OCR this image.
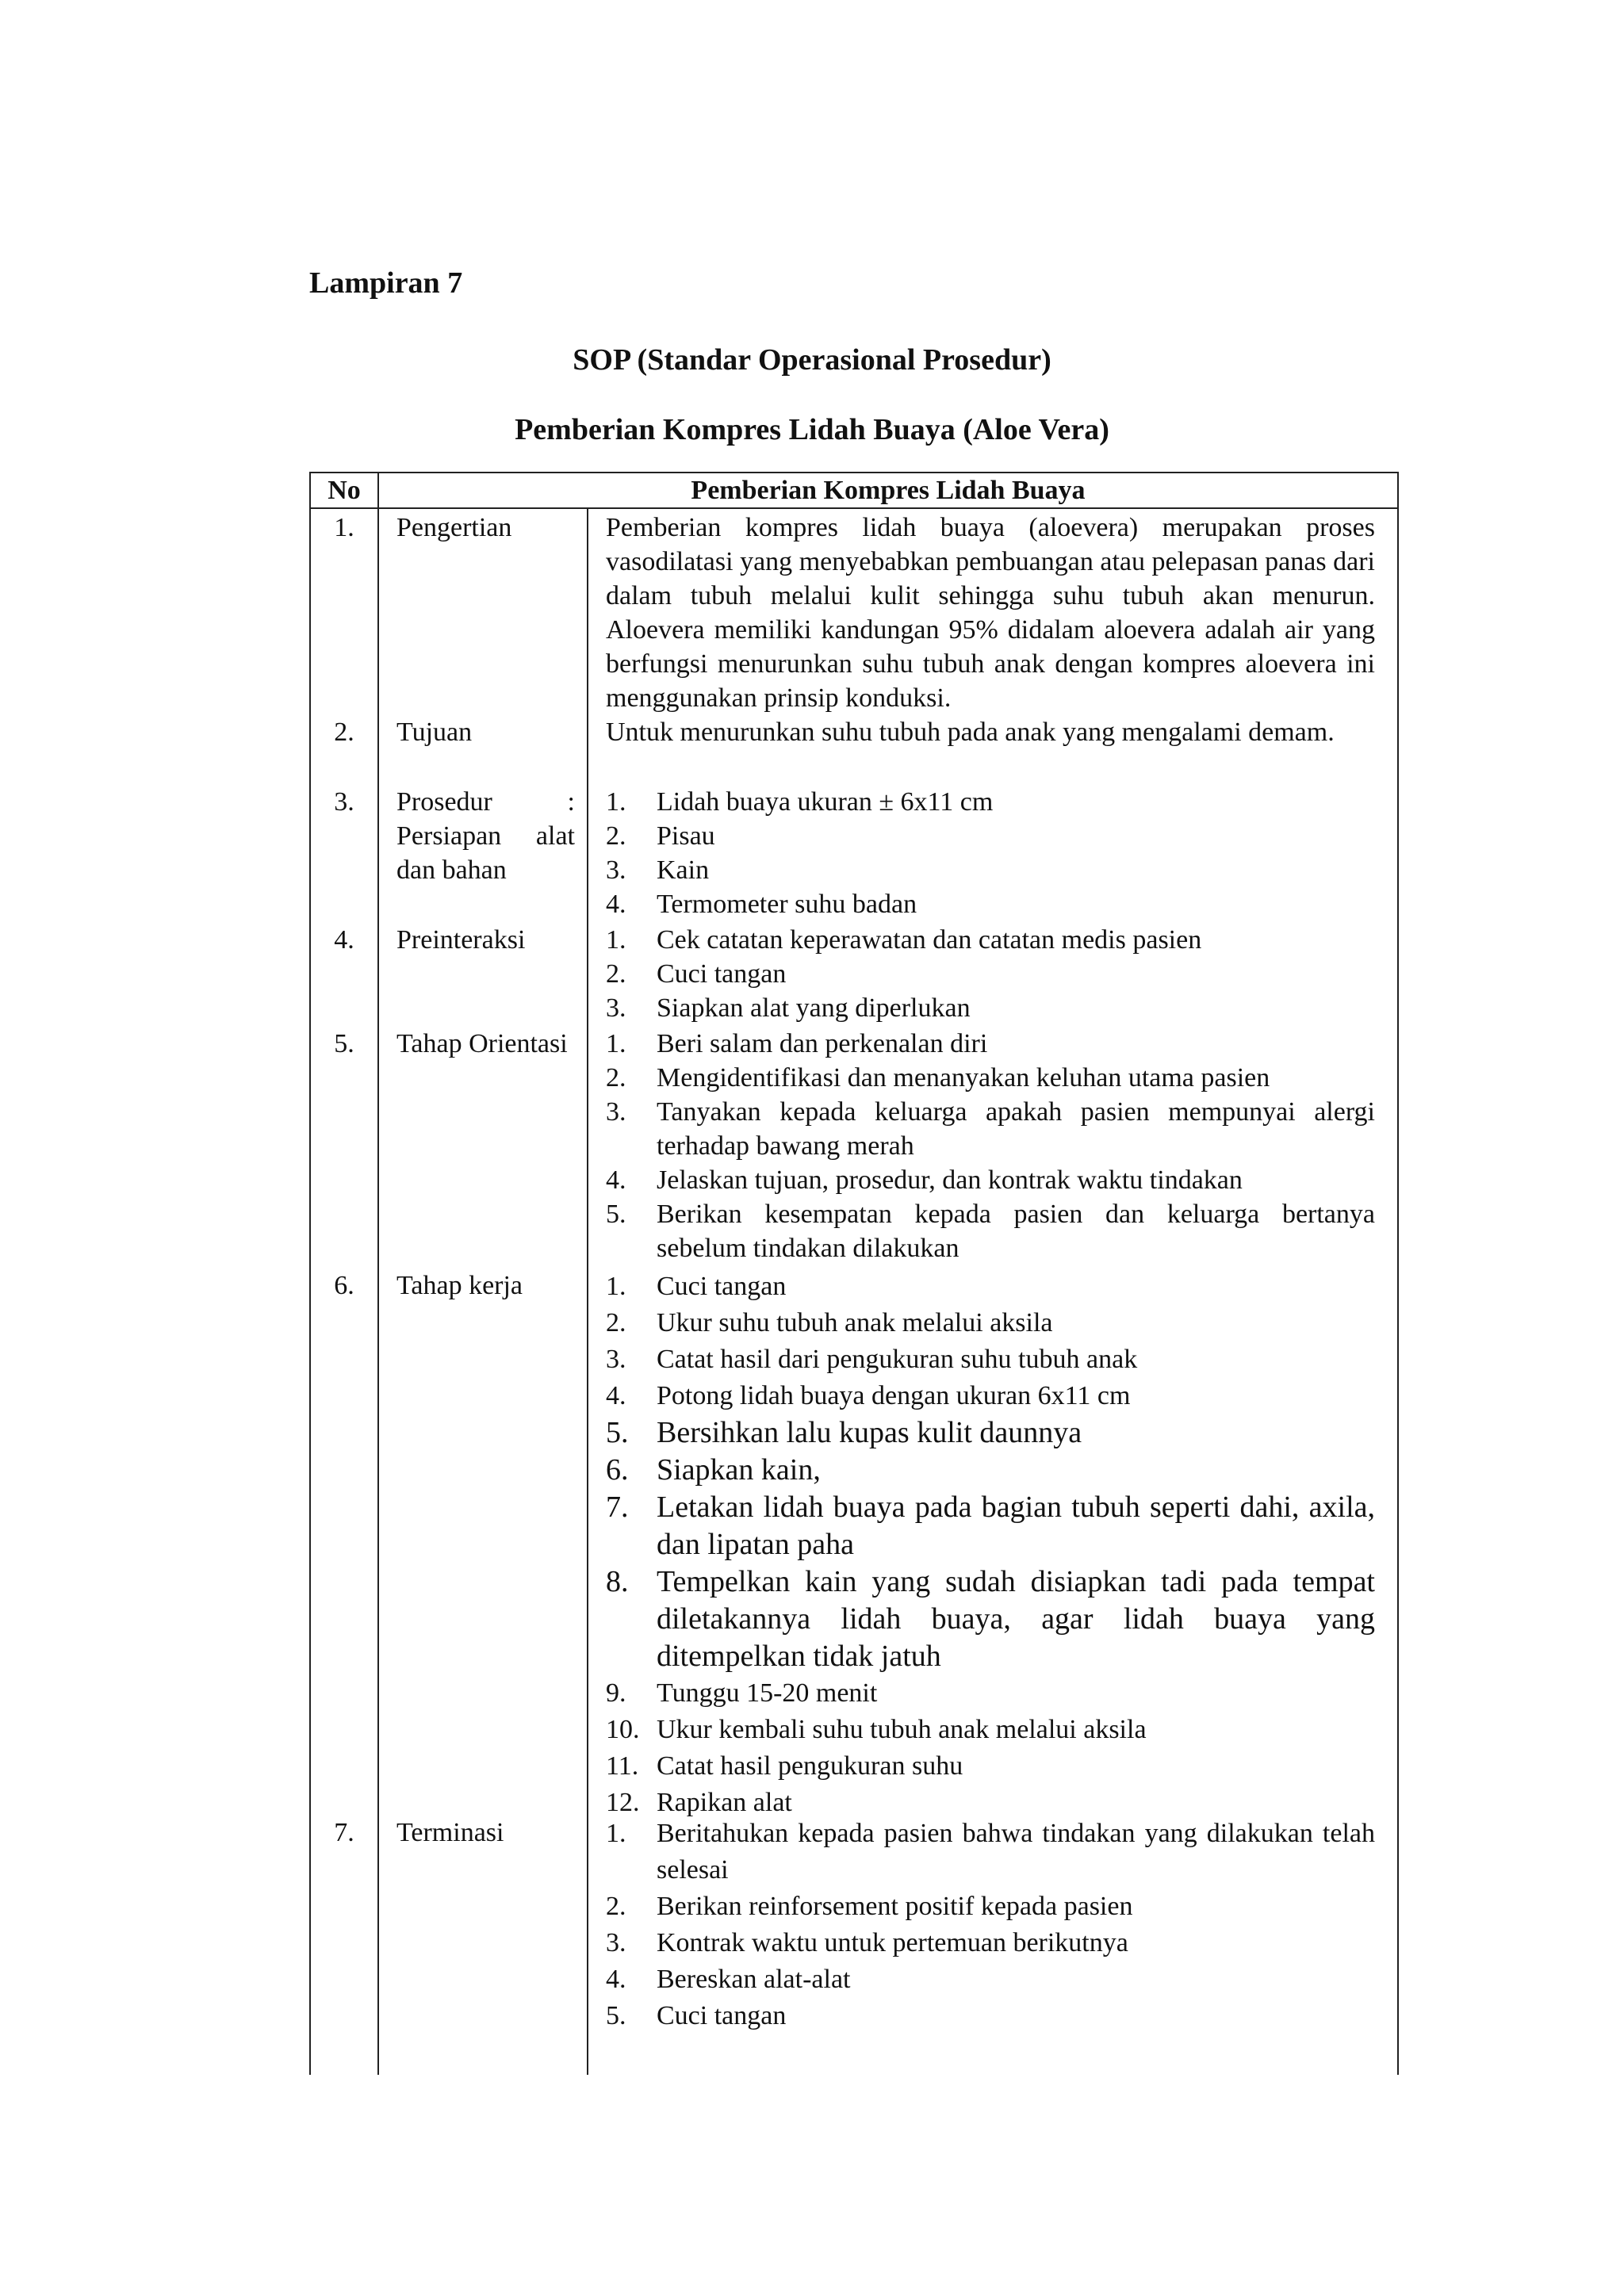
Lampiran 7
SOP (Standar Operasional Prosedur)
Pemberian Kompres Lidah Buaya (Aloe Vera)
No	Pemberian Kompres Lidah Buaya
1.	Pengertian	Pemberian kompres lidah buaya (aloevera) merupakan proses vasodilatasi yang menyebabkan pembuangan atau pelepasan panas dari dalam tubuh melalui kulit sehingga suhu tubuh akan menurun. Aloevera memiliki kandungan 95% didalam aloevera adalah air yang berfungsi menurunkan suhu tubuh anak dengan kompres aloevera ini menggunakan prinsip konduksi.

2.	Tujuan	Untuk menurunkan suhu tubuh pada anak yang mengalami demam.

3.	Prosedur : Persiapan alat dan bahan
1. Lidah buaya ukuran ± 6x11 cm
2. Pisau
3. Kain
4. Termometer suhu badan
4.	Preinteraksi	1. Cek catatan keperawatan dan catatan medis pasien
2. Cuci tangan
3. Siapkan alat yang diperlukan
5.	Tahap Orientasi 1. Beri salam dan perkenalan diri
2. Mengidentifikasi dan menanyakan keluhan utama pasien
3. Tanyakan kepada keluarga apakah pasien mempunyai alergi terhadap bawang merah
4. Jelaskan tujuan, prosedur, dan kontrak waktu tindakan
5. Berikan kesempatan kepada pasien dan keluarga bertanya sebelum tindakan dilakukan
6.	Tahap kerja	1. Cuci tangan
2. Ukur suhu tubuh anak melalui aksila
3. Catat hasil dari pengukuran suhu tubuh anak
4. Potong lidah buaya dengan ukuran 6x11 cm
5. Bersihkan lalu kupas kulit daunnya
6. Siapkan kain,
7. Letakan lidah buaya pada bagian tubuh seperti dahi, axila, dan lipatan paha
8. Tempelkan kain yang sudah disiapkan tadi pada tempat diletakannya lidah buaya, agar lidah buaya yang ditempelkan tidak jatuh
9. Tunggu 15-20 menit
10. Ukur kembali suhu tubuh anak melalui aksila
11. Catat hasil pengukuran suhu
12. Rapikan alat
7.	Terminasi	1. Beritahukan kepada pasien bahwa tindakan yang dilakukan telah selesai
2. Berikan reinforsement positif kepada pasien
3. Kontrak waktu untuk pertemuan berikutnya
4. Bereskan alat-alat
5. Cuci tangan
